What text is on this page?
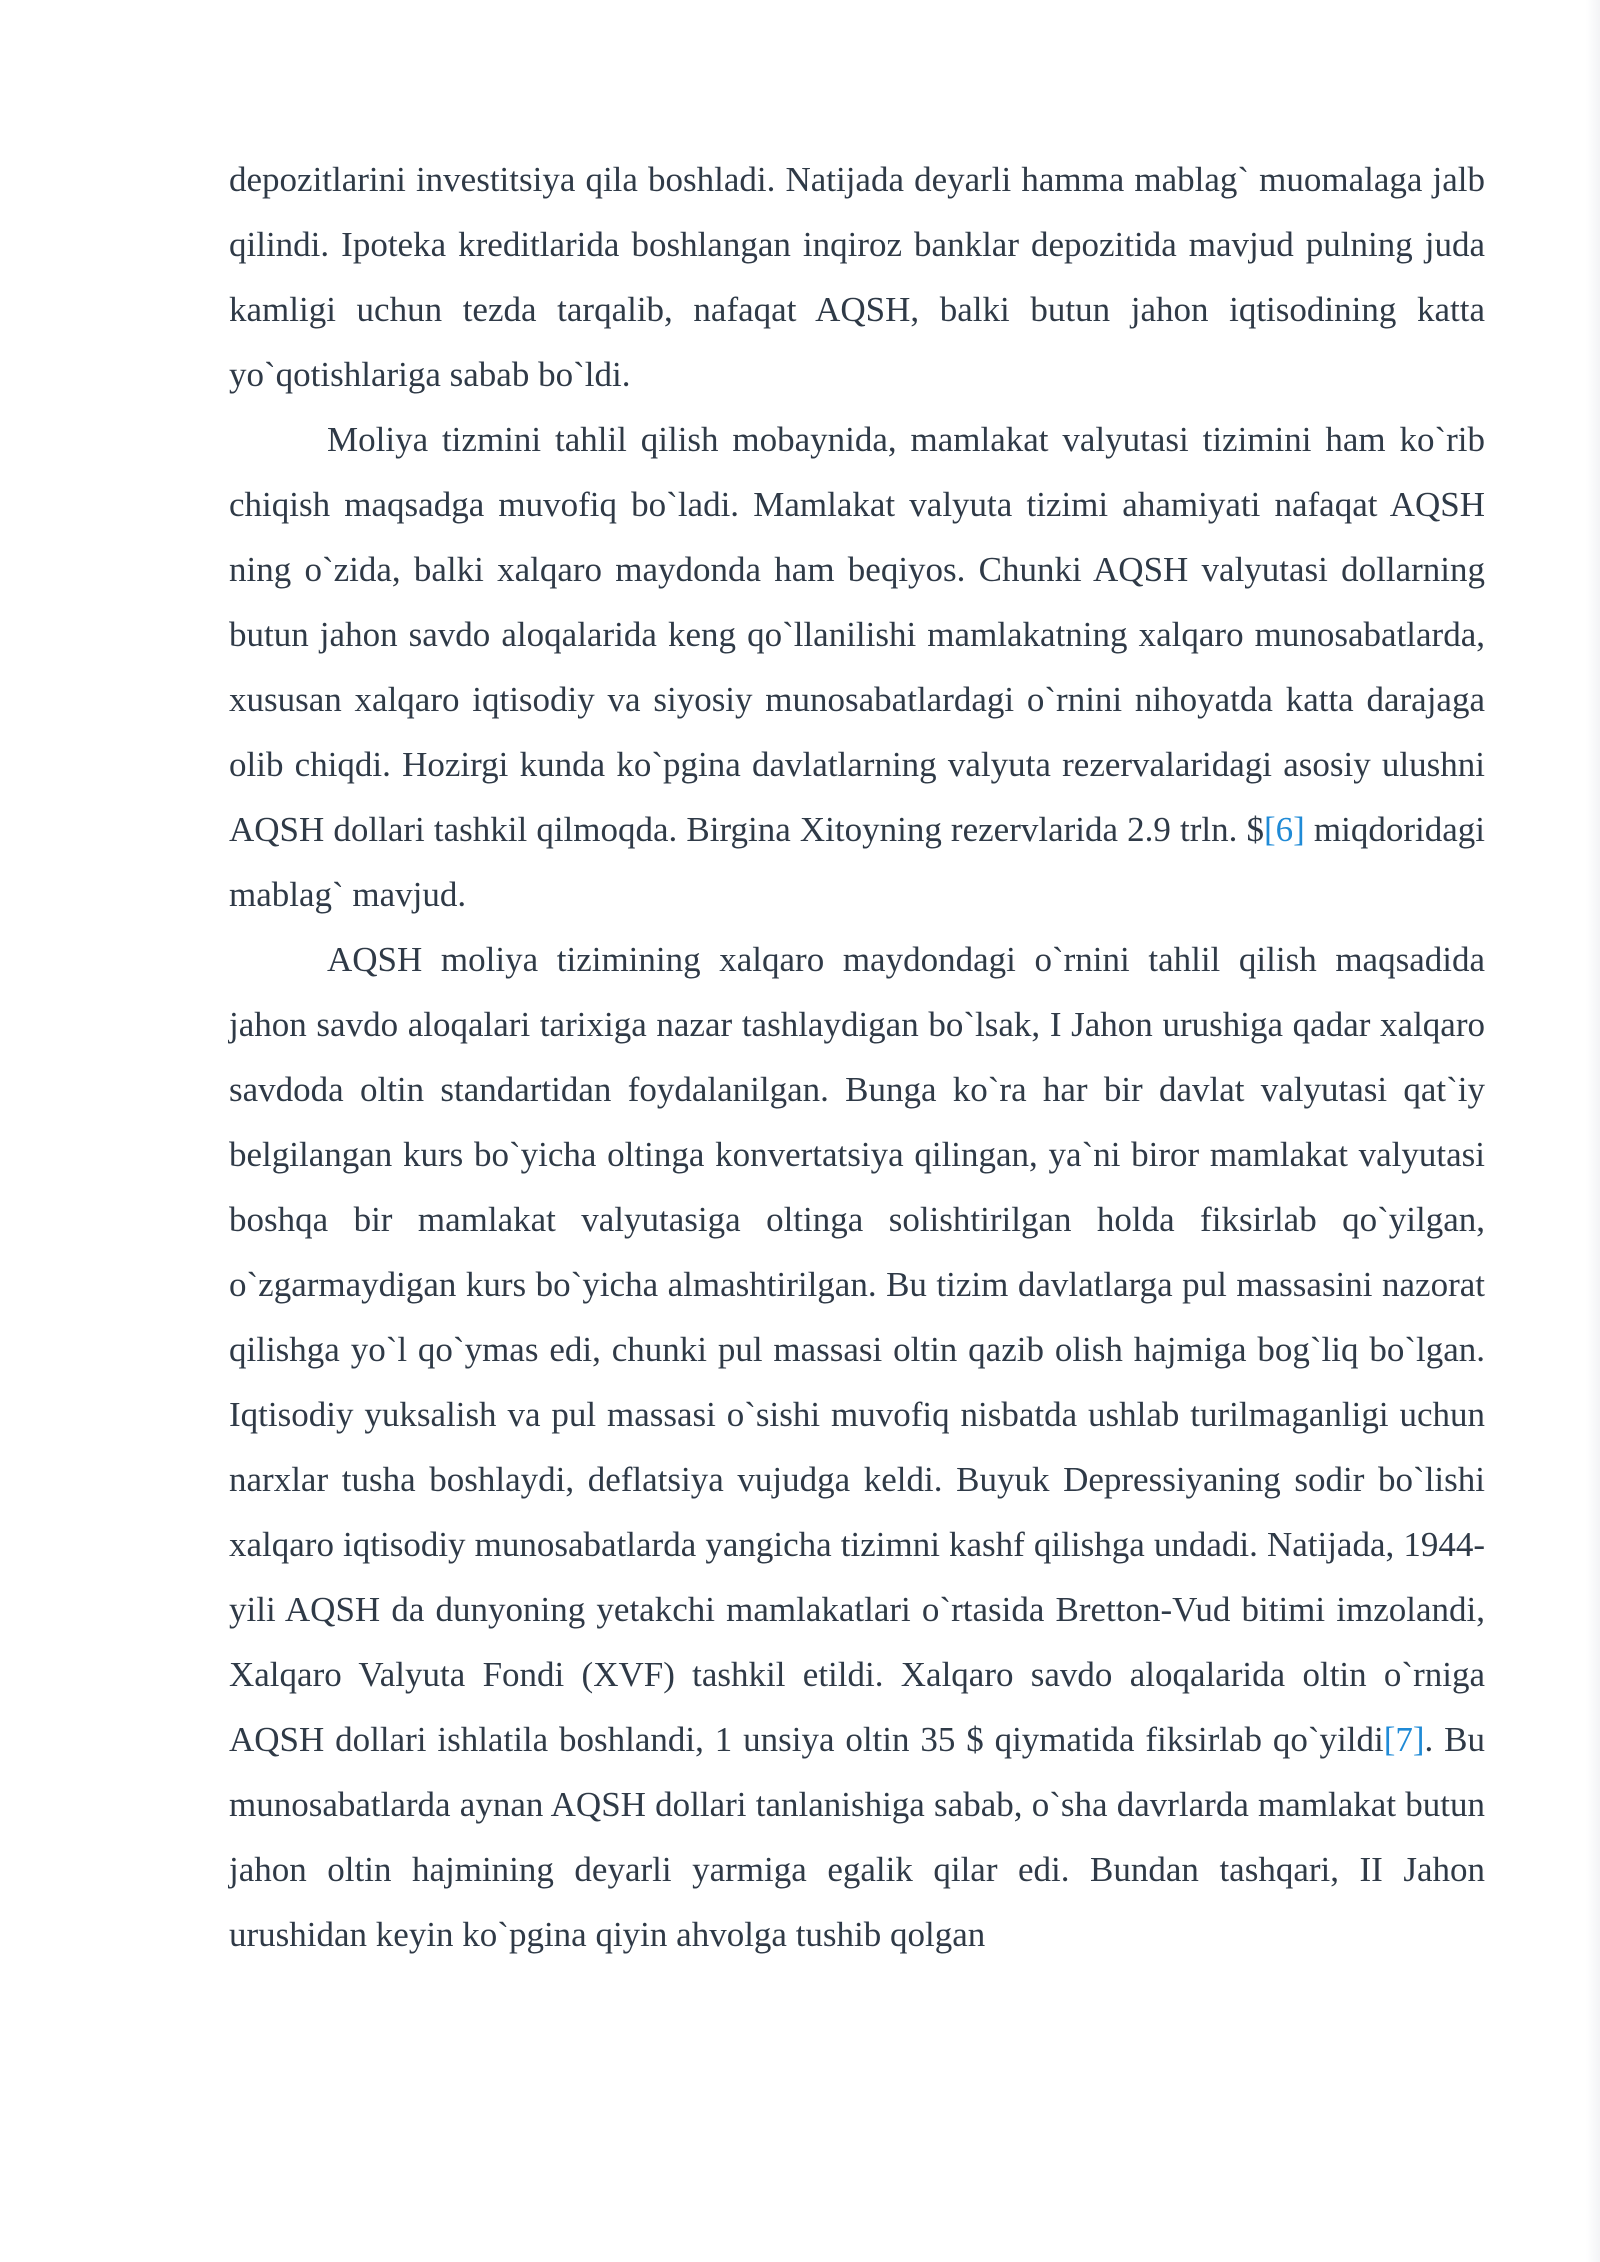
depozitlarini investitsiya qila boshladi. Natijada deyarli hamma mablag` muomalaga jalb qilindi. Ipoteka kreditlarida boshlangan inqiroz banklar depozitida mavjud pulning juda kamligi uchun tezda tarqalib, nafaqat AQSH, balki butun jahon iqtisodining katta yo`qotishlariga sabab bo`ldi.

Moliya tizmini tahlil qilish mobaynida, mamlakat valyutasi tizimini ham ko`rib chiqish maqsadga muvofiq bo`ladi. Mamlakat valyuta tizimi ahamiyati nafaqat AQSH ning o`zida, balki xalqaro maydonda ham beqiyos. Chunki AQSH valyutasi dollarning butun jahon savdo aloqalarida keng qo`llanilishi mamlakatning xalqaro munosabatlarda, xususan xalqaro iqtisodiy va siyosiy munosabatlardagi o`rnini nihoyatda katta darajaga olib chiqdi. Hozirgi kunda ko`pgina davlatlarning valyuta rezervalaridagi asosiy ulushni AQSH dollari tashkil qilmoqda. Birgina Xitoyning rezervlarida 2.9 trln. $[6] miqdoridagi mablag` mavjud.

AQSH moliya tizimining xalqaro maydondagi o`rnini tahlil qilish maqsadida jahon savdo aloqalari tarixiga nazar tashlaydigan bo`lsak, I Jahon urushiga qadar xalqaro savdoda oltin standartidan foydalanilgan. Bunga ko`ra har bir davlat valyutasi qat`iy belgilangan kurs bo`yicha oltinga konvertatsiya qilingan, ya`ni biror mamlakat valyutasi boshqa bir mamlakat valyutasiga oltinga solishtirilgan holda fiksirlab qo`yilgan, o`zgarmaydigan kurs bo`yicha almashtirilgan. Bu tizim davlatlarga pul massasini nazorat qilishga yo`l qo`ymas edi, chunki pul massasi oltin qazib olish hajmiga bog`liq bo`lgan. Iqtisodiy yuksalish va pul massasi o`sishi muvofiq nisbatda ushlab turilmaganligi uchun narxlar tusha boshlaydi, deflatsiya vujudga keldi. Buyuk Depressiyaning sodir bo`lishi xalqaro iqtisodiy munosabatlarda yangicha tizimni kashf qilishga undadi. Natijada, 1944-yili AQSH da dunyoning yetakchi mamlakatlari o`rtasida Bretton-Vud bitimi imzolandi, Xalqaro Valyuta Fondi (XVF) tashkil etildi. Xalqaro savdo aloqalarida oltin o`rniga AQSH dollari ishlatila boshlandi, 1 unsiya oltin 35 $ qiymatida fiksirlab qo`yildi[7]. Bu munosabatlarda aynan AQSH dollari tanlanishiga sabab, o`sha davrlarda mamlakat butun jahon oltin hajmining deyarli yarmiga egalik qilar edi. Bundan tashqari, II Jahon urushidan keyin ko`pgina qiyin ahvolga tushib qolgan
